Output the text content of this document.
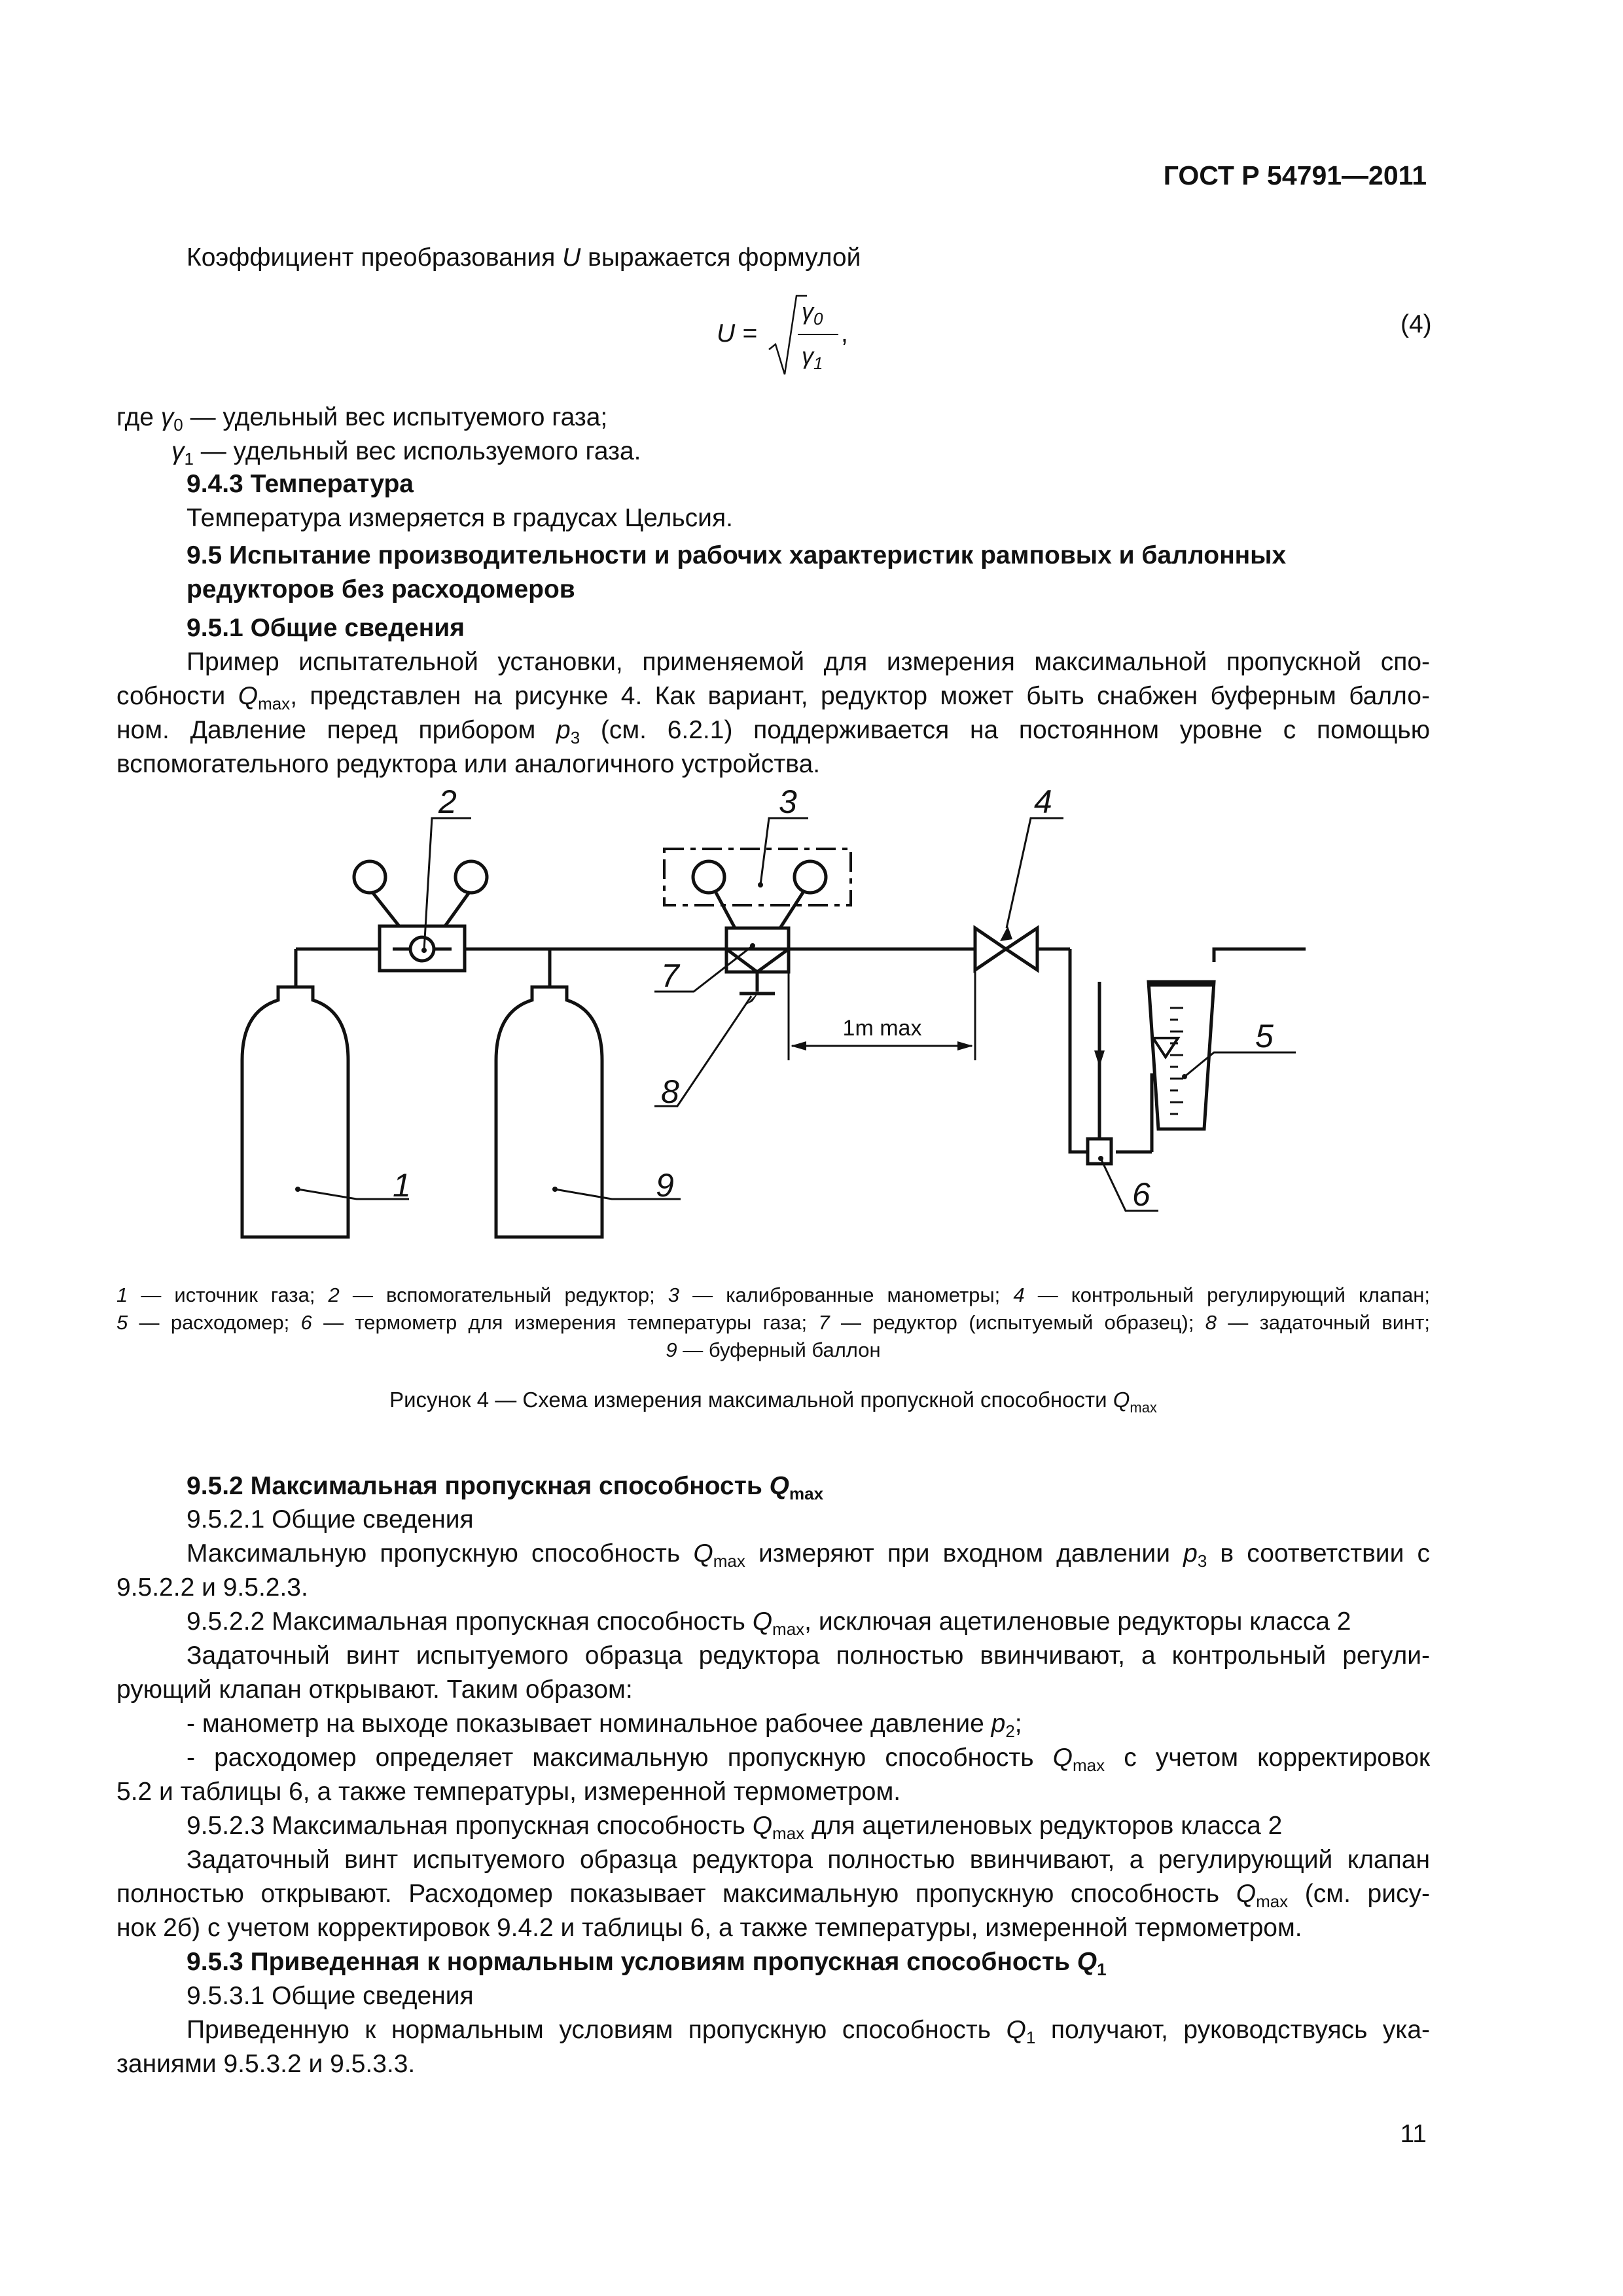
ГОСТ Р 54791—2011
Коэффициент преобразования U выражается формулой
U =
$\gamma_0$
$\gamma_1$
,	(4)
где $\gamma_0$ — удельный вес испытуемого газа;
$\gamma_1$ — удельный вес используемого газа.
9.4.3 Температура
Температура измеряется в градусах Цельсия.
9.5 Испытание производительности и рабочих характеристик рамповых и баллонных
редукторов без расходомеров
9.5.1 Общие сведения
Пример испытательной установки, применяемой для измерения максимальной пропускной спо-
собности $Q_{max}$, представлен на рисунке 4. Как вариант, редуктор может быть снабжен буферным балло-
ном. Давление перед прибором $p_3$ (см. 6.2.1) поддерживается на постоянном уровне с помощью
вспомогательного редуктора или аналогичного устройства.
1m max
1
2	3	4
5
6
7
8
9
1 — источник газа; 2 — вспомогательный редуктор; 3 — калиброванные манометры; 4 — контрольный регулирующий клапан;
5 — расходомер; 6 — термометр для измерения температуры газа; 7 — редуктор (испытуемый образец); 8 — задаточный винт;
9 — буферный баллон
Рисунок 4 — Схема измерения максимальной пропускной способности $Q_{max}$
9.5.2 Максимальная пропускная способность $Q_{max}$
9.5.2.1 Общие сведения
Максимальную пропускную способность $Q_{max}$ измеряют при входном давлении $p_3$ в соответствии с
9.5.2.2 и 9.5.2.3.
9.5.2.2 Максимальная пропускная способность $Q_{max}$, исключая ацетиленовые редукторы класса 2
Задаточный винт испытуемого образца редуктора полностью ввинчивают, а контрольный регули-
рующий клапан открывают. Таким образом:
- манометр на выходе показывает номинальное рабочее давление $p_2$;
- расходомер определяет максимальную пропускную способность $Q_{max}$ с учетом корректировок
5.2 и таблицы 6, а также температуры, измеренной термометром.
9.5.2.3 Максимальная пропускная способность $Q_{max}$ для ацетиленовых редукторов класса 2
Задаточный винт испытуемого образца редуктора полностью ввинчивают, а регулирующий клапан
полностью открывают. Расходомер показывает максимальную пропускную способность $Q_{max}$ (см. рису-
нок 2б) с учетом корректировок 9.4.2 и таблицы 6, а также температуры, измеренной термометром.
9.5.3 Приведенная к нормальным условиям пропускная способность $Q_1$
9.5.3.1 Общие сведения
Приведенную к нормальным условиям пропускную способность $Q_1$ получают, руководствуясь ука-
заниями 9.5.3.2 и 9.5.3.3.
11
